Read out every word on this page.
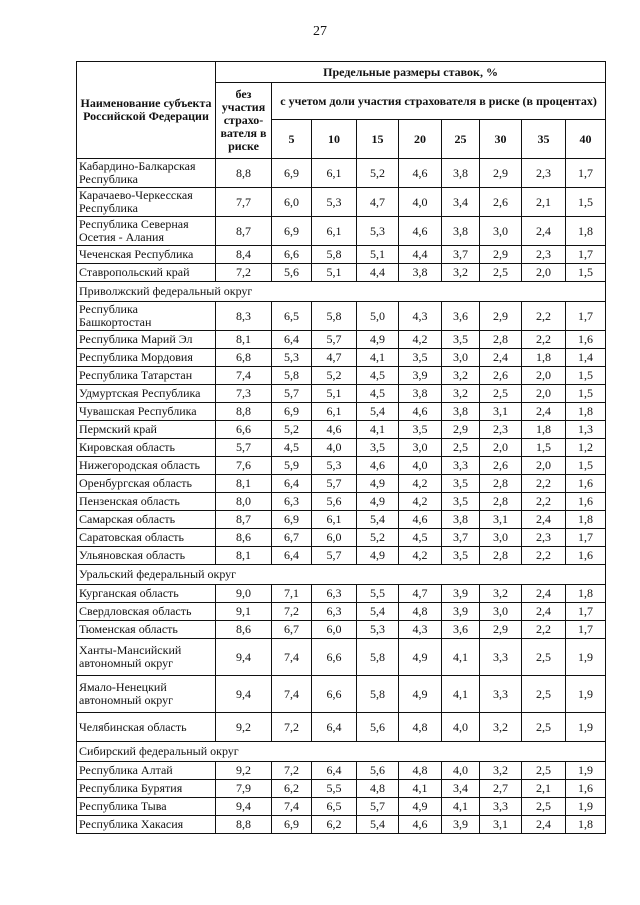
27
Наименование субъекта Российской Федерации	Предельные размеры ставок, %								
	без участия страхо-вателя в риске	с учетом доли участия страхователя в риске (в процентах)							
		5	10	15	20	25	30	35	40
Кабардино-Балкарская Республика	8,8	6,9	6,1	5,2	4,6	3,8	2,9	2,3	1,7
Карачаево-Черкесская Республика	7,7	6,0	5,3	4,7	4,0	3,4	2,6	2,1	1,5
Республика Северная Осетия - Алания	8,7	6,9	6,1	5,3	4,6	3,8	3,0	2,4	1,8
Чеченская Республика	8,4	6,6	5,8	5,1	4,4	3,7	2,9	2,3	1,7
Ставропольский край	7,2	5,6	5,1	4,4	3,8	3,2	2,5	2,0	1,5
Приволжский федеральный округ									
Республика Башкортостан	8,3	6,5	5,8	5,0	4,3	3,6	2,9	2,2	1,7
Республика Марий Эл	8,1	6,4	5,7	4,9	4,2	3,5	2,8	2,2	1,6
Республика Мордовия	6,8	5,3	4,7	4,1	3,5	3,0	2,4	1,8	1,4
Республика Татарстан	7,4	5,8	5,2	4,5	3,9	3,2	2,6	2,0	1,5
Удмуртская Республика	7,3	5,7	5,1	4,5	3,8	3,2	2,5	2,0	1,5
Чувашская Республика	8,8	6,9	6,1	5,4	4,6	3,8	3,1	2,4	1,8
Пермский край	6,6	5,2	4,6	4,1	3,5	2,9	2,3	1,8	1,3
Кировская область	5,7	4,5	4,0	3,5	3,0	2,5	2,0	1,5	1,2
Нижегородская область	7,6	5,9	5,3	4,6	4,0	3,3	2,6	2,0	1,5
Оренбургская область	8,1	6,4	5,7	4,9	4,2	3,5	2,8	2,2	1,6
Пензенская область	8,0	6,3	5,6	4,9	4,2	3,5	2,8	2,2	1,6
Самарская область	8,7	6,9	6,1	5,4	4,6	3,8	3,1	2,4	1,8
Саратовская область	8,6	6,7	6,0	5,2	4,5	3,7	3,0	2,3	1,7
Ульяновская область	8,1	6,4	5,7	4,9	4,2	3,5	2,8	2,2	1,6
Уральский федеральный округ									
Курганская область	9,0	7,1	6,3	5,5	4,7	3,9	3,2	2,4	1,8
Свердловская область	9,1	7,2	6,3	5,4	4,8	3,9	3,0	2,4	1,7
Тюменская область	8,6	6,7	6,0	5,3	4,3	3,6	2,9	2,2	1,7
Ханты-Мансийский автономный округ	9,4	7,4	6,6	5,8	4,9	4,1	3,3	2,5	1,9
Ямало-Ненецкий автономный округ	9,4	7,4	6,6	5,8	4,9	4,1	3,3	2,5	1,9
Челябинская область	9,2	7,2	6,4	5,6	4,8	4,0	3,2	2,5	1,9
Сибирский федеральный округ									
Республика Алтай	9,2	7,2	6,4	5,6	4,8	4,0	3,2	2,5	1,9
Республика Бурятия	7,9	6,2	5,5	4,8	4,1	3,4	2,7	2,1	1,6
Республика Тыва	9,4	7,4	6,5	5,7	4,9	4,1	3,3	2,5	1,9
Республика Хакасия	8,8	6,9	6,2	5,4	4,6	3,9	3,1	2,4	1,8
